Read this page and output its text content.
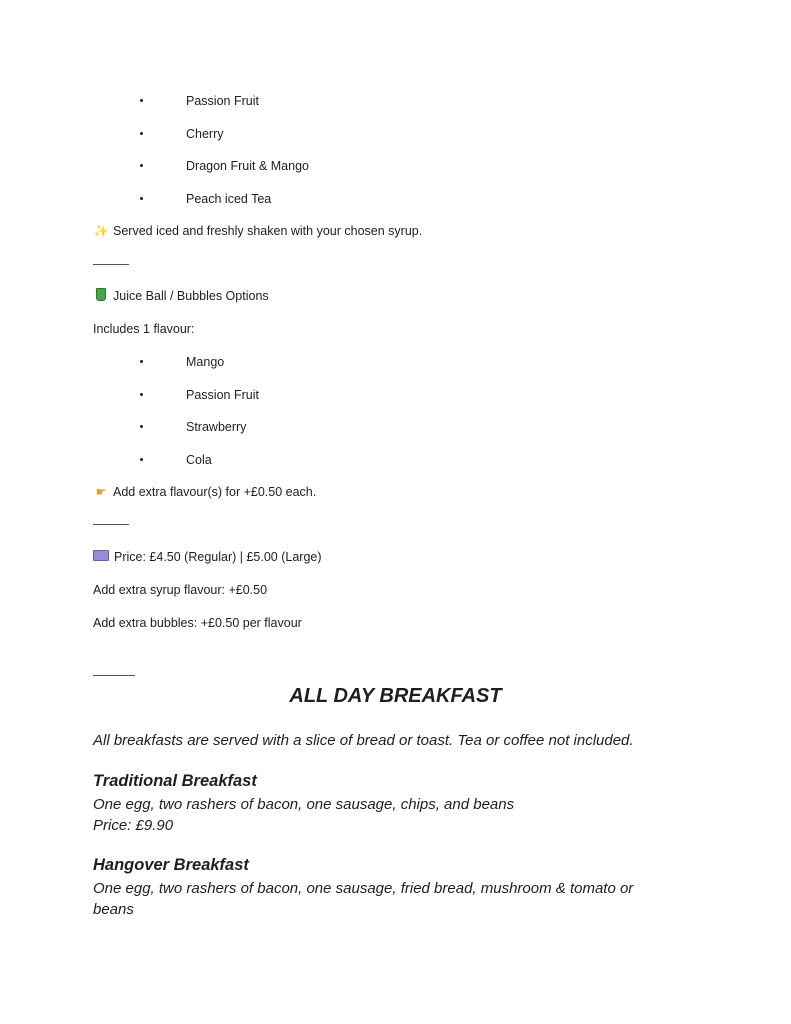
Passion Fruit
Cherry
Dragon Fruit & Mango
Peach iced Tea
✨ Served iced and freshly shaken with your chosen syrup.
Juice Ball / Bubbles Options
Includes 1 flavour:
Mango
Passion Fruit
Strawberry
Cola
☛ Add extra flavour(s) for +£0.50 each.
Price: £4.50 (Regular) | £5.00 (Large)
Add extra syrup flavour: +£0.50
Add extra bubbles: +£0.50 per flavour
ALL DAY BREAKFAST
All breakfasts are served with a slice of bread or toast. Tea or coffee not included.
Traditional Breakfast
One egg, two rashers of bacon, one sausage, chips, and beans
Price: £9.90
Hangover Breakfast
One egg, two rashers of bacon, one sausage, fried bread, mushroom & tomato or
beans
